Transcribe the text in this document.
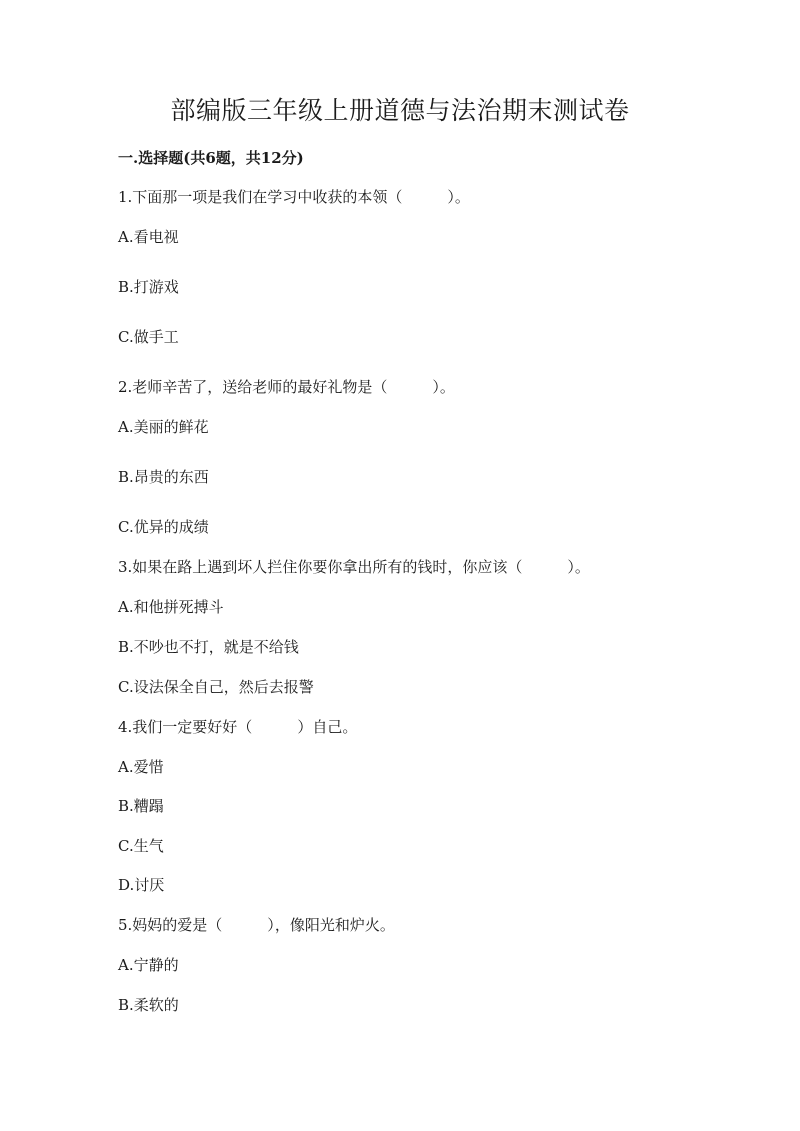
部编版三年级上册道德与法治期末测试卷
一.选择题(共6题，共12分)
1.下面那一项是我们在学习中收获的本领（　　　）。
A.看电视
B.打游戏
C.做手工
2.老师辛苦了，送给老师的最好礼物是（　　　）。
A.美丽的鲜花
B.昂贵的东西
C.优异的成绩
3.如果在路上遇到坏人拦住你要你拿出所有的钱时，你应该（　　　）。
A.和他拼死搏斗
B.不吵也不打，就是不给钱
C.设法保全自己，然后去报警
4.我们一定要好好（　　　）自己。
A.爱惜
B.糟蹋
C.生气
D.讨厌
5.妈妈的爱是（　　　），像阳光和炉火。
A.宁静的
B.柔软的
